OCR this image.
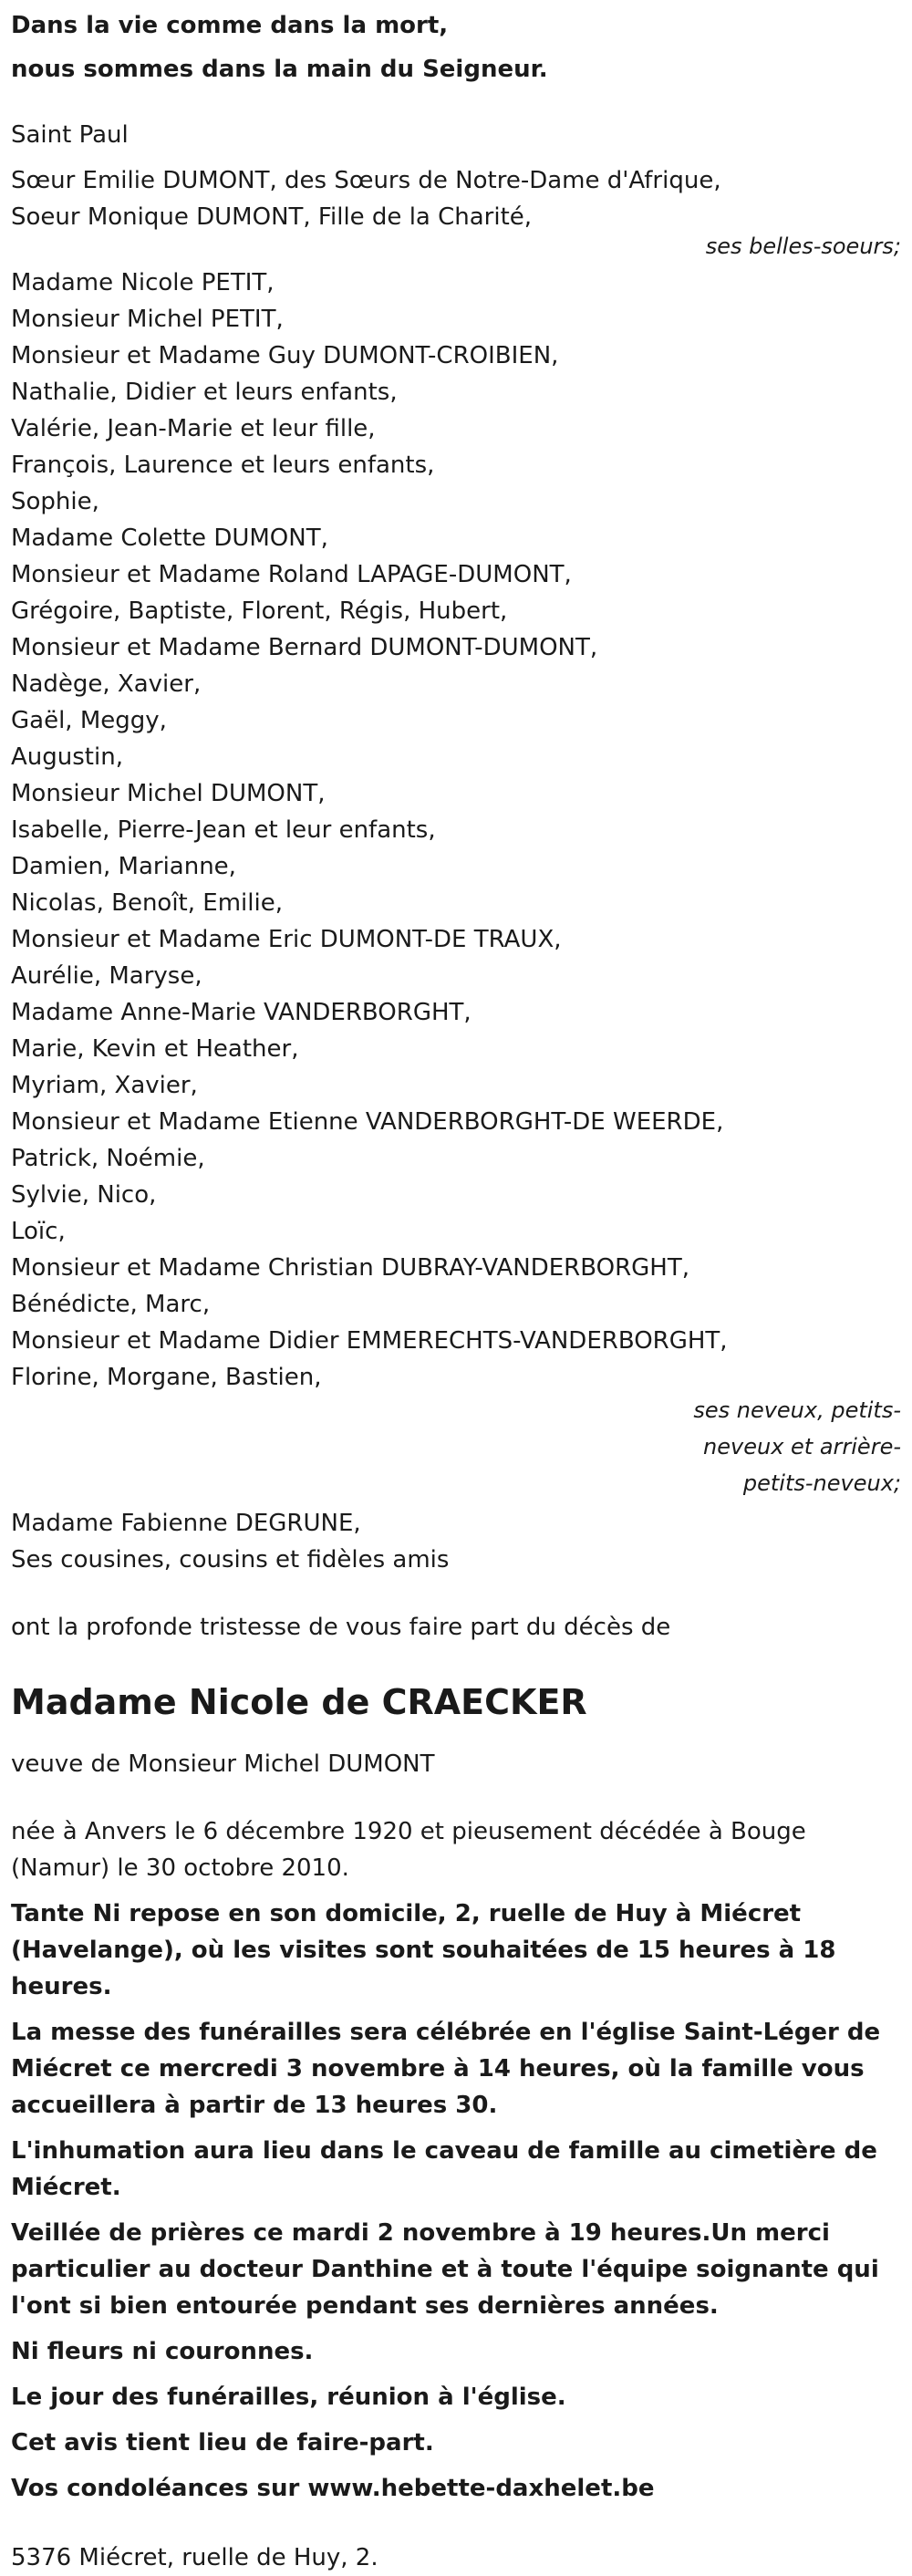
Dans la vie comme dans la mort,

nous sommes dans la main du Seigneur.

Saint Paul

Sœur Emilie DUMONT, des Sœurs de Notre-Dame d'Afrique,

Soeur Monique DUMONT, Fille de la Charité,

ses belles-soeurs;

Madame Nicole PETIT,

Monsieur Michel PETIT,

Monsieur et Madame Guy DUMONT-CROIBIEN,

Nathalie, Didier et leurs enfants,

Valérie, Jean-Marie et leur fille,

François, Laurence et leurs enfants,

Sophie,

Madame Colette DUMONT,

Monsieur et Madame Roland LAPAGE-DUMONT,

Grégoire, Baptiste, Florent, Régis, Hubert,

Monsieur et Madame Bernard DUMONT-DUMONT,

Nadège, Xavier,

Gaël, Meggy,

Augustin,

Monsieur Michel DUMONT,

Isabelle, Pierre-Jean et leur enfants,

Damien, Marianne,

Nicolas, Benoît, Emilie,

Monsieur et Madame Eric DUMONT-DE TRAUX,

Aurélie, Maryse,

Madame Anne-Marie VANDERBORGHT,

Marie, Kevin et Heather,

Myriam, Xavier,

Monsieur et Madame Etienne VANDERBORGHT-DE WEERDE,

Patrick, Noémie,

Sylvie, Nico,

Loïc,

Monsieur et Madame Christian DUBRAY-VANDERBORGHT,

Bénédicte, Marc,

Monsieur et Madame Didier EMMERECHTS-VANDERBORGHT,

Florine, Morgane, Bastien,

ses neveux, petits-

neveux et arrière-

petits-neveux;

Madame Fabienne DEGRUNE,

Ses cousines, cousins et fidèles amis

ont la profonde tristesse de vous faire part du décès de

Madame Nicole de CRAECKER

veuve de Monsieur Michel DUMONT

née à Anvers le 6 décembre 1920 et pieusement décédée à Bouge (Namur) le 30 octobre 2010.

Tante Ni repose en son domicile, 2, ruelle de Huy à Miécret (Havelange), où les visites sont souhaitées de 15 heures à 18 heures.

La messe des funérailles sera célébrée en l'église Saint-Léger de Miécret ce mercredi 3 novembre à 14 heures, où la famille vous accueillera à partir de 13 heures 30.

L'inhumation aura lieu dans le caveau de famille au cimetière de Miécret.

Veillée de prières ce mardi 2 novembre à 19 heures.Un merci particulier au docteur Danthine et à toute l'équipe soignante qui l'ont si bien entourée pendant ses dernières années.

Ni fleurs ni couronnes.

Le jour des funérailles, réunion à l'église.

Cet avis tient lieu de faire-part.

Vos condoléances sur www.hebette-daxhelet.be

5376 Miécret, ruelle de Huy, 2.
